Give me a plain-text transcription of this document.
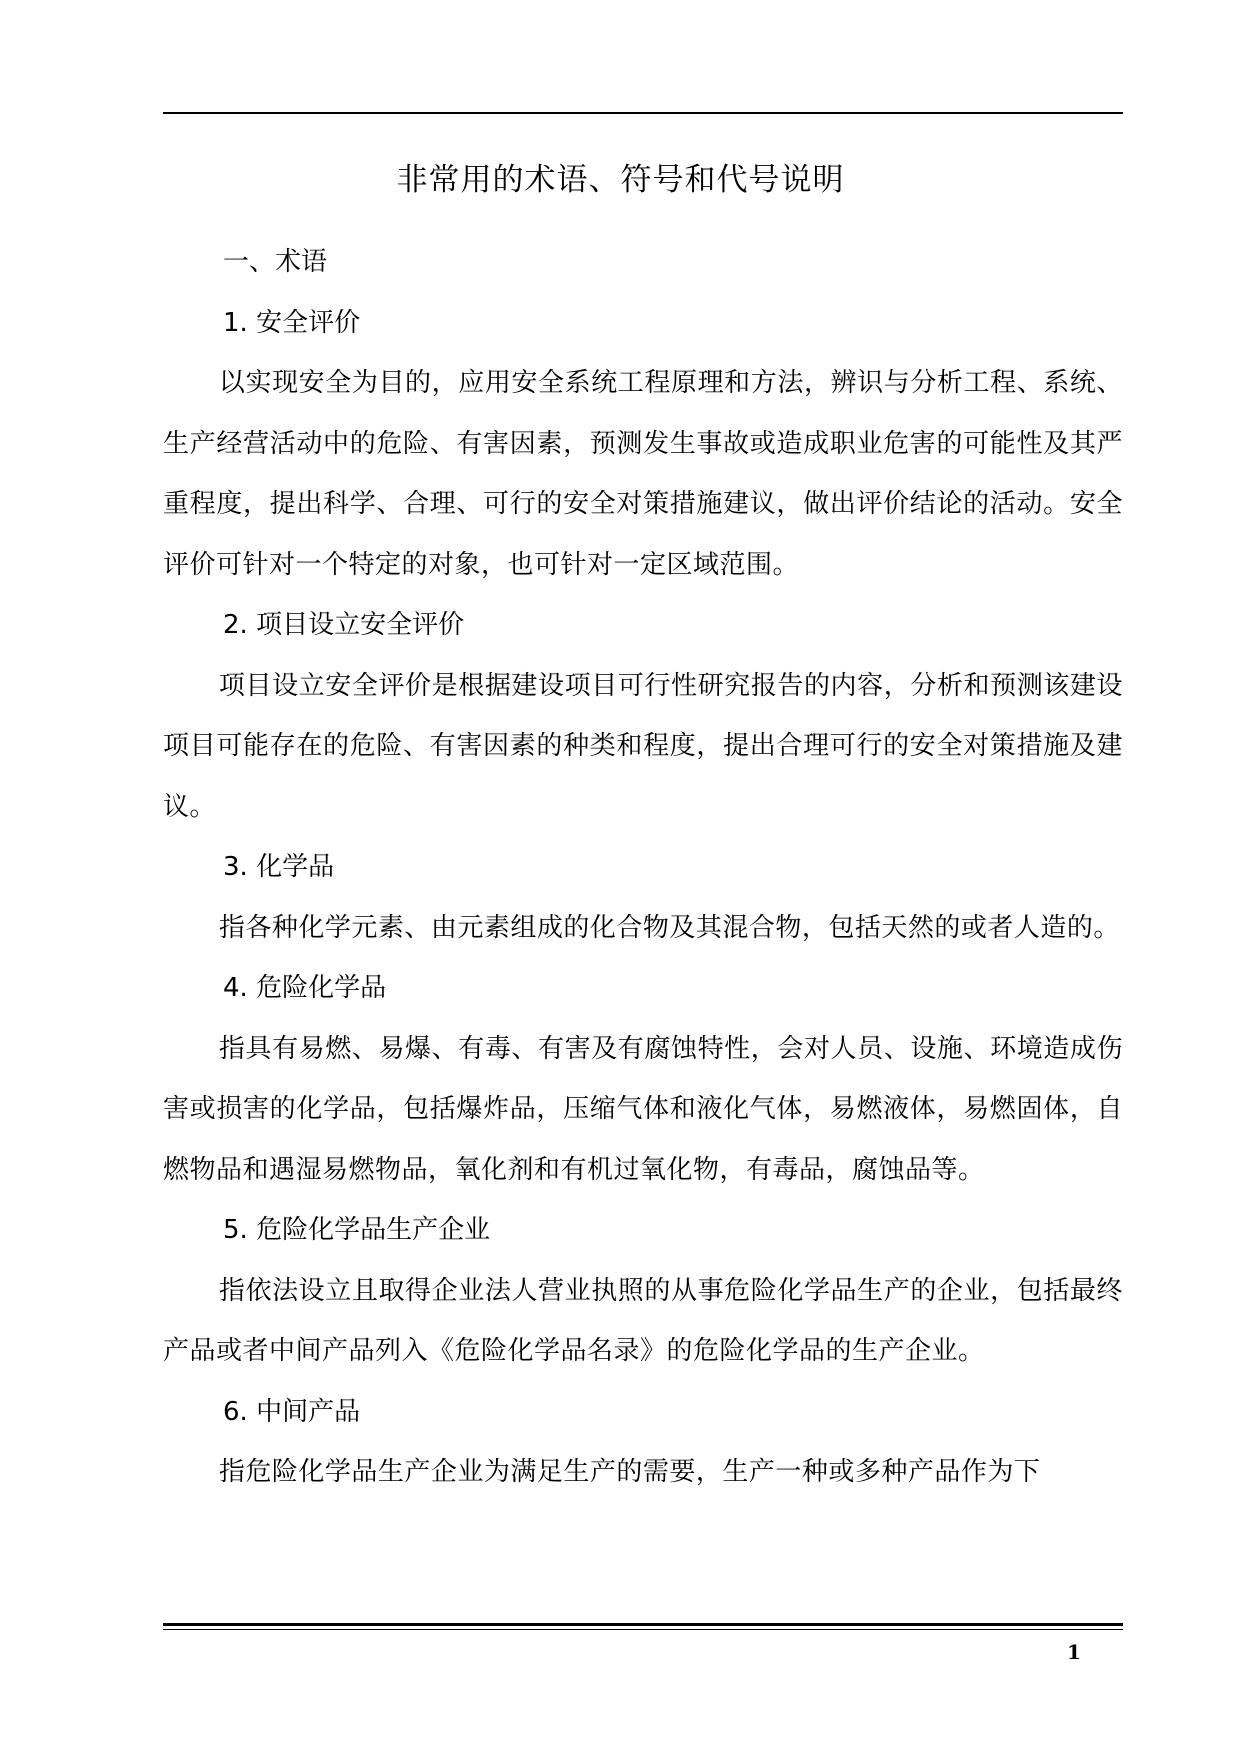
非常用的术语、符号和代号说明

一、术语

1. 安全评价

以实现安全为目的，应用安全系统工程原理和方法，辨识与分析工程、系统、生产经营活动中的危险、有害因素，预测发生事故或造成职业危害的可能性及其严重程度，提出科学、合理、可行的安全对策措施建议，做出评价结论的活动。安全评价可针对一个特定的对象，也可针对一定区域范围。

2. 项目设立安全评价

项目设立安全评价是根据建设项目可行性研究报告的内容，分析和预测该建设项目可能存在的危险、有害因素的种类和程度，提出合理可行的安全对策措施及建议。

3. 化学品

指各种化学元素、由元素组成的化合物及其混合物，包括天然的或者人造的。

4. 危险化学品

指具有易燃、易爆、有毒、有害及有腐蚀特性，会对人员、设施、环境造成伤害或损害的化学品，包括爆炸品，压缩气体和液化气体，易燃液体，易燃固体，自燃物品和遇湿易燃物品，氧化剂和有机过氧化物，有毒品，腐蚀品等。

5. 危险化学品生产企业

指依法设立且取得企业法人营业执照的从事危险化学品生产的企业，包括最终产品或者中间产品列入《危险化学品名录》的危险化学品的生产企业。

6. 中间产品

指危险化学品生产企业为满足生产的需要，生产一种或多种产品作为下

1
